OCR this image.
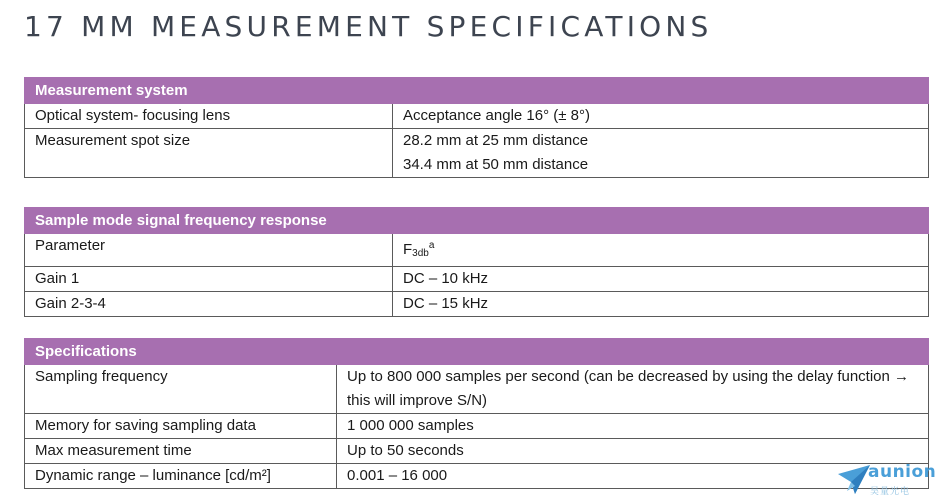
17 MM MEASUREMENT SPECIFICATIONS
Measurement system	
Optical system- focusing lens	Acceptance angle 16° (± 8°)
Measurement spot size	28.2 mm at 25 mm distance
34.4 mm at 50 mm distance
Sample mode signal frequency response	
Parameter	$F_{3db}^a$
Gain 1	DC – 10 kHz
Gain 2-3-4	DC – 15 kHz
Specifications	
Sampling frequency	Up to 800 000 samples per second (can be decreased by using the delay function → this will improve S/N)

Memory for saving sampling data	1 000 000 samples
Max measurement time	Up to 50 seconds
Dynamic range – luminance [cd/m²]	0.001 – 16 000	aunion
昊量光电
